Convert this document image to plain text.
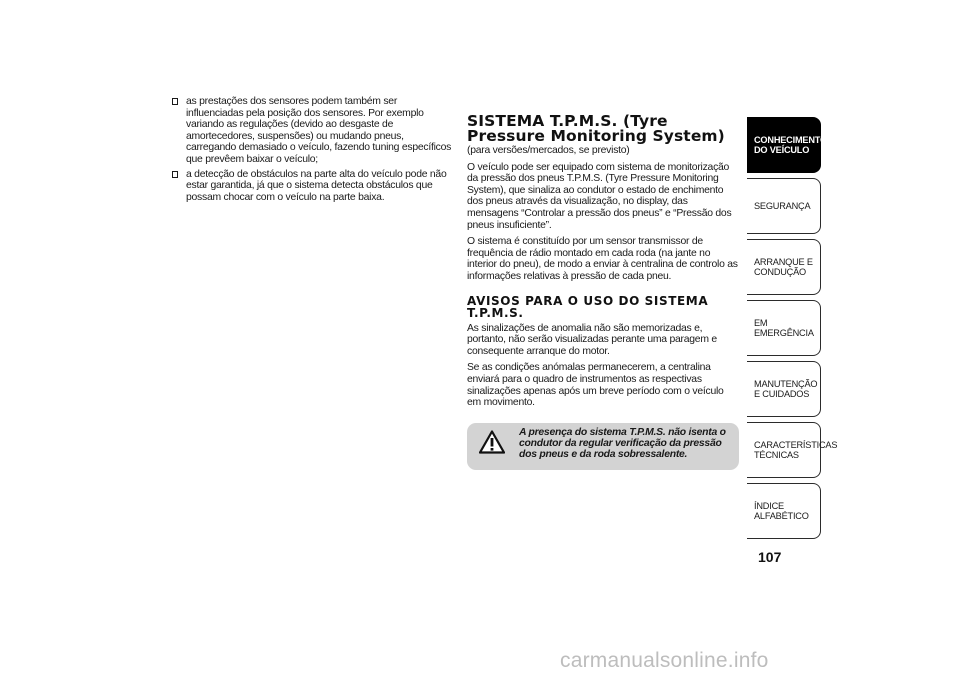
as prestações dos sensores podem também ser influenciadas pela posição dos sensores. Por exemplo variando as regulações (devido ao desgaste de amortecedores, suspensões) ou mudando pneus, carregando demasiado o veículo, fazendo tuning específicos que prevêem baixar o veículo;
a detecção de obstáculos na parte alta do veículo pode não estar garantida, já que o sistema detecta obstáculos que possam chocar com o veículo na parte baixa.
SISTEMA T.P.M.S. (Tyre Pressure Monitoring System)
(para versões/mercados, se previsto)

O veículo pode ser equipado com sistema de monitorização da pressão dos pneus T.P.M.S. (Tyre Pressure Monitoring System), que sinaliza ao condutor o estado de enchimento dos pneus através da visualização, no display, das mensagens “Controlar a pressão dos pneus” e “Pressão dos pneus insuficiente”.

O sistema é constituído por um sensor transmissor de frequência de rádio montado em cada roda (na jante no interior do pneu), de modo a enviar à centralina de controlo as informações relativas à pressão de cada pneu.

AVISOS PARA O USO DO SISTEMA T.P.M.S.

As sinalizações de anomalia não são memorizadas e, portanto, não serão visualizadas perante uma paragem e consequente arranque do motor.

Se as condições anómalas permanecerem, a centralina enviará para o quadro de instrumentos as respectivas sinalizações apenas após um breve período com o veículo em movimento.

A presença do sistema T.P.M.S. não isenta o condutor da regular verificação da pressão dos pneus e da roda sobressalente.
CONHECIMENTO DO VEÍCULO
SEGURANÇA
ARRANQUE E CONDUÇÃO
EM EMERGÊNCIA
MANUTENÇÃO E CUIDADOS
CARACTERÍSTICAS TÉCNICAS
ÍNDICE ALFABÉTICO
107
carmanualsonline.info
